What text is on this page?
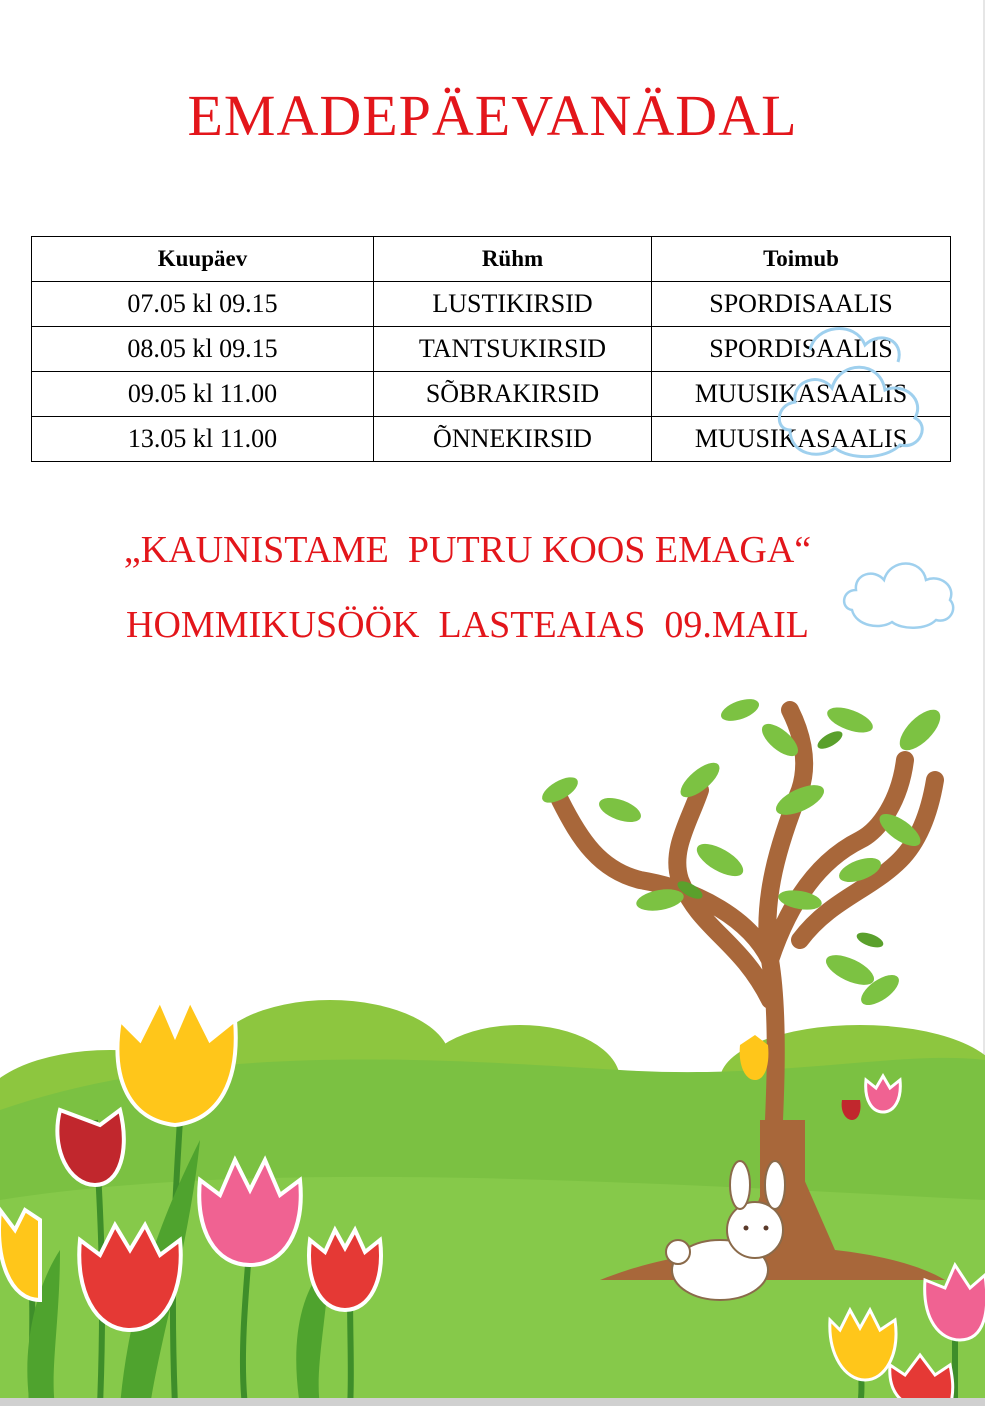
EMADEPÄEVANÄDAL
Kuupäev	Rühm	Toimub
07.05 kl 09.15	LUSTIKIRSID	SPORDISAALIS
08.05 kl 09.15	TANTSUKIRSID	SPORDISAALIS
09.05 kl 11.00	SÕBRAKIRSID	MUUSIKASAALIS
13.05 kl 11.00	ÕNNEKIRSID	MUUSIKASAALIS

„KAUNISTAME  PUTRU KOOS EMAGA“

HOMMIKUSÖÖK  LASTEAIAS  09.MAIL
